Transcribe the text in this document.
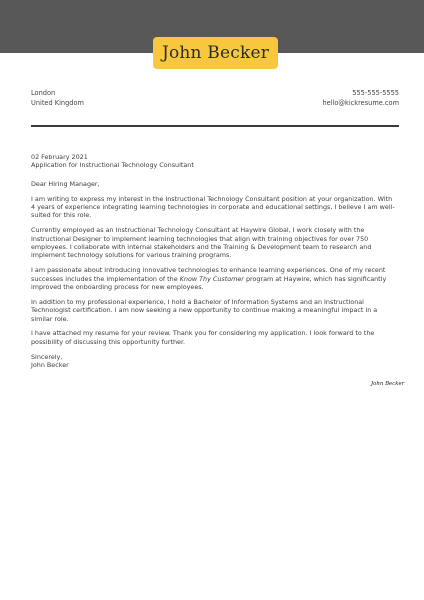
John Becker
London
United Kingdom
555-555-5555
hello@kickresume.com
02 February 2021
Application for Instructional Technology Consultant

Dear Hiring Manager,

I am writing to express my interest in the Instructional Technology Consultant position at your organization. With 4 years of experience integrating learning technologies in corporate and educational settings, I believe I am well-suited for this role.

Currently employed as an Instructional Technology Consultant at Haywire Global, I work closely with the Instructional Designer to implement learning technologies that align with training objectives for over 750 employees. I collaborate with internal stakeholders and the Training & Development team to research and implement technology solutions for various training programs.

I am passionate about introducing innovative technologies to enhance learning experiences. One of my recent successes includes the implementation of the Know Thy Customer program at Haywire, which has significantly improved the onboarding process for new employees.

In addition to my professional experience, I hold a Bachelor of Information Systems and an Instructional Technologist certification. I am now seeking a new opportunity to continue making a meaningful impact in a similar role.

I have attached my resume for your review. Thank you for considering my application. I look forward to the possibility of discussing this opportunity further.

Sincerely,
John Becker
John Becker
